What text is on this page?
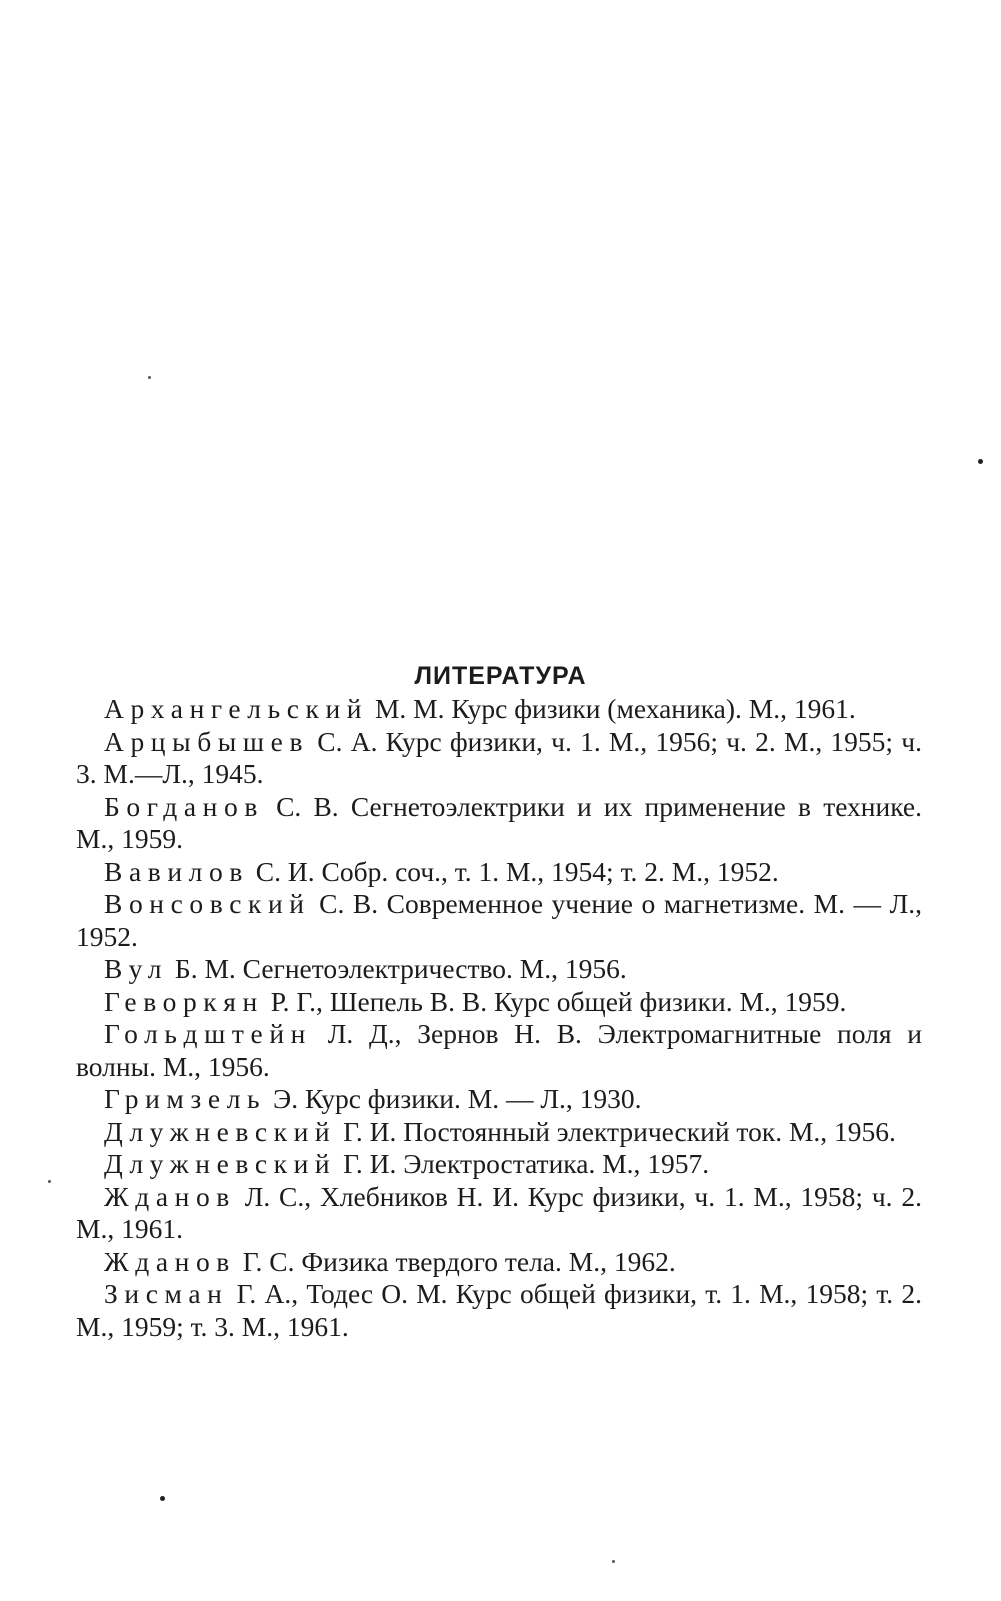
ЛИТЕРАТУРА
Архангельский М. М. Курс физики (механика). М., 1961.
Арцыбышев С. А. Курс физики, ч. 1. М., 1956; ч. 2. М., 1955; ч. 3. М.—Л., 1945.
Богданов С. В. Сегнетоэлектрики и их применение в технике. М., 1959.
Вавилов С. И. Собр. соч., т. 1. М., 1954; т. 2. М., 1952.
Вонсовский С. В. Современное учение о магнетизме. М. — Л., 1952.
Вул Б. М. Сегнетоэлектричество. М., 1956.
Геворкян Р. Г., Шепель В. В. Курс общей физики. М., 1959.
Гольдштейн Л. Д., Зернов Н. В. Электромагнитные поля и волны. М., 1956.
Гримзель Э. Курс физики. М. — Л., 1930.
Длужневский Г. И. Постоянный электрический ток. М., 1956.
Длужневский Г. И. Электростатика. М., 1957.
Жданов Л. С., Хлебников Н. И. Курс физики, ч. 1. М., 1958; ч. 2. М., 1961.
Жданов Г. С. Физика твердого тела. М., 1962.
Зисман Г. А., Тодес О. М. Курс общей физики, т. 1. М., 1958; т. 2. М., 1959; т. 3. М., 1961.
